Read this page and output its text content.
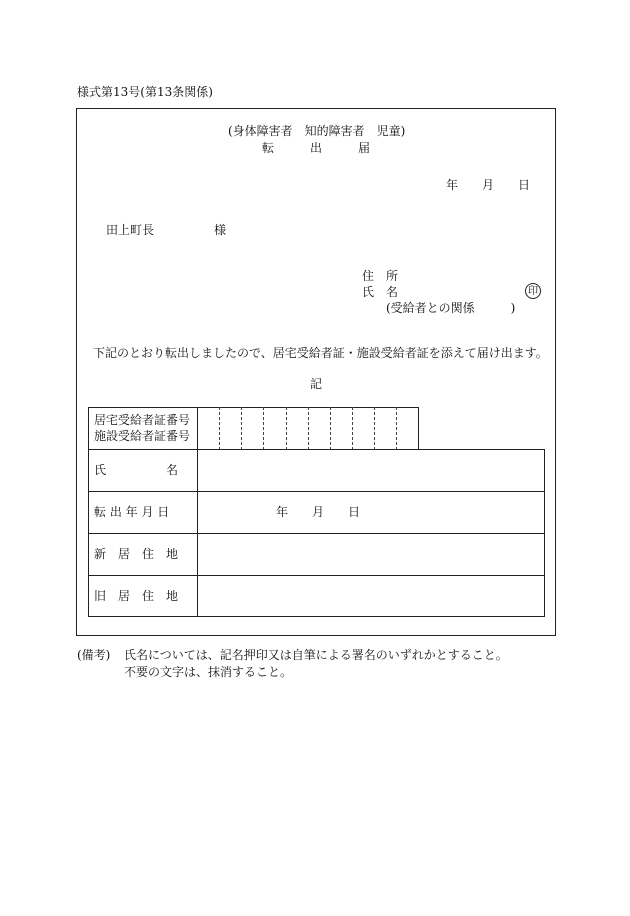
様式第13号(第13条関係)
(身体障害者　知的障害者　児童)
転　　　出　　　届
年　　月　　日
田上町長　　　　　様
住　所
氏　名	印
(受給者との関係　　　)
下記のとおり転出しましたので、居宅受給者証・施設受給者証を添えて届け出ます。
記
居宅受給者証番号
施設受給者証番号
氏　　　　　名
転 出 年 月 日	年　　月　　日
新　居　住　地
旧　居　住　地
(備考) 氏名については、記名押印又は自筆による署名のいずれかとすること。
不要の文字は、抹消すること。
